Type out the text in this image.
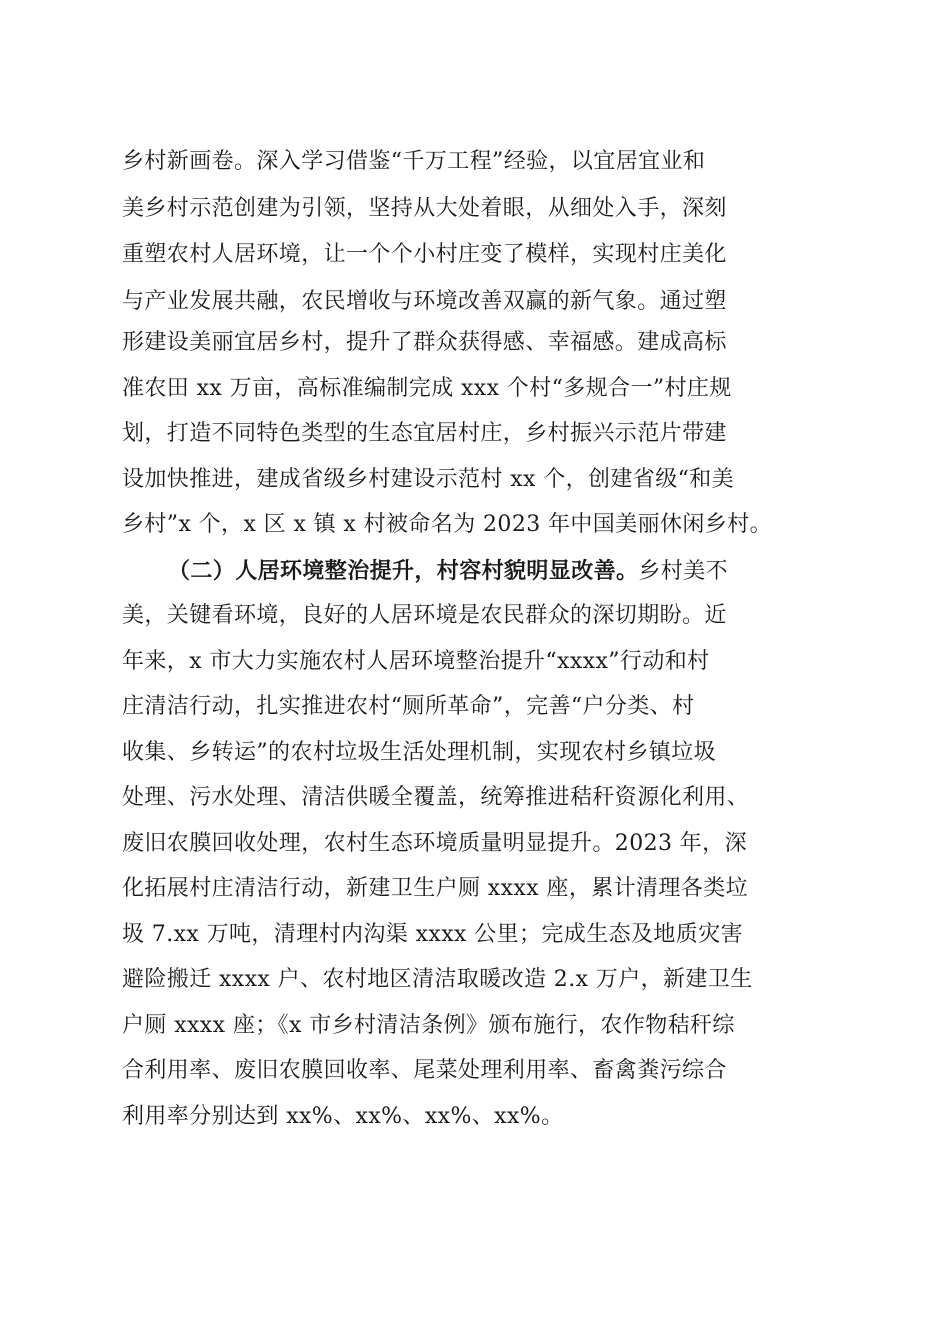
乡村新画卷。深入学习借鉴“千万工程”经验，以宜居宜业和
美乡村示范创建为引领，坚持从大处着眼，从细处入手，深刻
重塑农村人居环境，让一个个小村庄变了模样，实现村庄美化
与产业发展共融，农民增收与环境改善双赢的新气象。通过塑
形建设美丽宜居乡村，提升了群众获得感、幸福感。建成高标
准农田 xx 万亩，高标准编制完成 xxx 个村“多规合一”村庄规
划，打造不同特色类型的生态宜居村庄，乡村振兴示范片带建
设加快推进，建成省级乡村建设示范村 xx 个，创建省级“和美
乡村”x 个，x 区 x 镇 x 村被命名为 2023 年中国美丽休闲乡村。
（二）人居环境整治提升，村容村貌明显改善。乡村美不
美，关键看环境，良好的人居环境是农民群众的深切期盼。近
年来，x 市大力实施农村人居环境整治提升“xxxx”行动和村
庄清洁行动，扎实推进农村“厕所革命”，完善“户分类、村
收集、乡转运”的农村垃圾生活处理机制，实现农村乡镇垃圾
处理、污水处理、清洁供暖全覆盖，统筹推进秸秆资源化利用、
废旧农膜回收处理，农村生态环境质量明显提升。2023 年，深
化拓展村庄清洁行动，新建卫生户厕 xxxx 座，累计清理各类垃
圾 7.xx 万吨，清理村内沟渠 xxxx 公里；完成生态及地质灾害
避险搬迁 xxxx 户、农村地区清洁取暖改造 2.x 万户，新建卫生
户厕 xxxx 座；《x 市乡村清洁条例》颁布施行，农作物秸秆综
合利用率、废旧农膜回收率、尾菜处理利用率、畜禽粪污综合
利用率分别达到 xx%、xx%、xx%、xx%。
